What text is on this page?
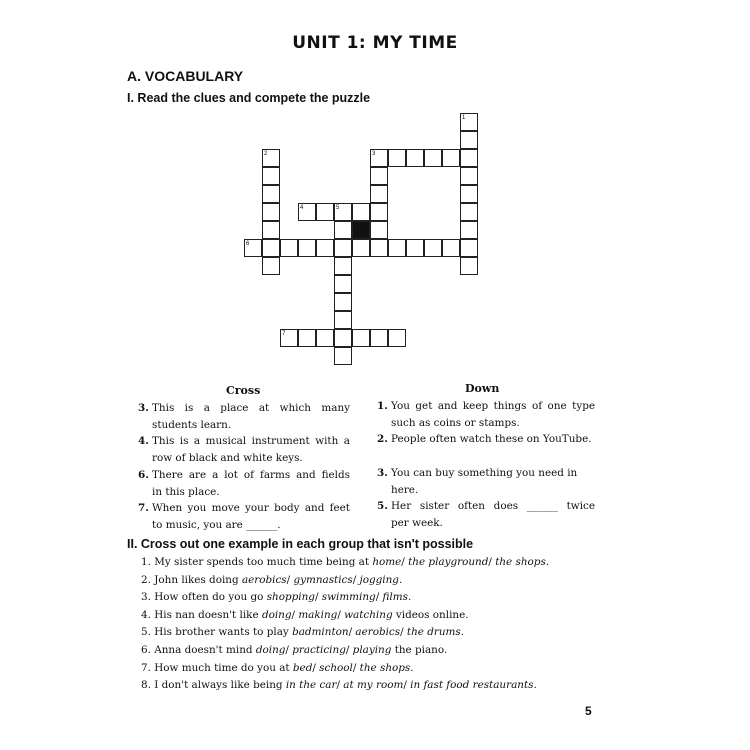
UNIT 1: MY TIME
A. VOCABULARY
I. Read the clues and compete the puzzle
1
2	3
4	5
6
7
Cross	Down
3. This is a place at which many
students learn.
4. This is a musical instrument with a
row of black and white keys.
6. There are a lot of farms and fields
in this place.
7. When you move your body and feet
to music, you are ______.
1. You get and keep things of one type
such as coins or stamps.
2. People often watch these on YouTube.
3. You can buy something you need in here.
5. Her sister often does ______ twice
per week.
II. Cross out one example in each group that isn't possible
1. My sister spends too much time being at home/ the playground/ the shops.
2. John likes doing aerobics/ gymnastics/ jogging.
3. How often do you go shopping/ swimming/ films.
4. His nan doesn't like doing/ making/ watching videos online.
5. His brother wants to play badminton/ aerobics/ the drums.
6. Anna doesn't mind doing/ practicing/ playing the piano.
7. How much time do you at bed/ school/ the shops.
8. I don't always like being in the car/ at my room/ in fast food restaurants.
5
